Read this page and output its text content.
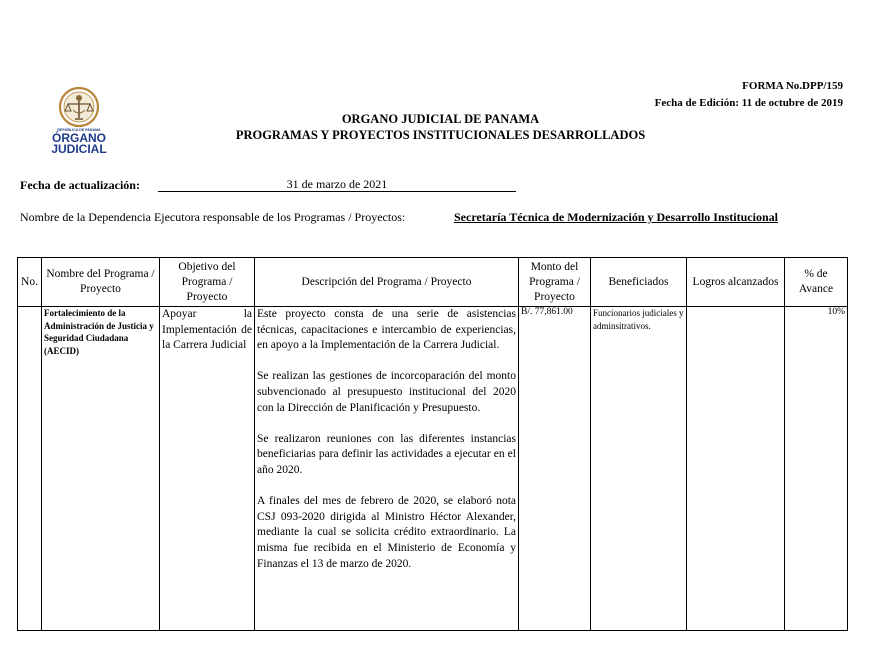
FORMA No.DPP/159
Fecha de Edición: 11 de octubre de 2019
REPÚBLICA DE PANAMÁ
ÓRGANO
JUDICIAL
ORGANO JUDICIAL DE PANAMA
PROGRAMAS Y PROYECTOS INSTITUCIONALES DESARROLLADOS
Fecha de actualización:	31 de marzo de 2021
Nombre de la Dependencia Ejecutora responsable de los Programas / Proyectos:	Secretaría Técnica de Modernización y Desarrollo Institucional
No.	Nombre del Programa / Proyecto	Objetivo del Programa / Proyecto	Descripción del Programa / Proyecto	Monto del Programa / Proyecto	Beneficiados	Logros alcanzados	% de Avance
	Fortalecimiento de la Administración de Justicia y Seguridad Ciudadana (AECID)	Apoyar la Implementación de la Carrera Judicial	Este proyecto consta de una serie de asistencias técnicas, capacitaciones e intercambio de experiencias, en apoyo a la Implementación de la Carrera Judicial.

Se realizan las gestiones de incorcoparación del monto subvencionado al presupuesto institucional del 2020 con la Dirección de Planificación y Presupuesto.

Se realizaron reuniones con las diferentes instancias beneficiarias para definir las actividades a ejecutar en el año 2020.

A finales del mes de febrero de 2020, se elaboró nota CSJ 093-2020 dirigida al Ministro Héctor Alexander, mediante la cual se solicita crédito extraordinario. La misma fue recibida en el Ministerio de Economía y Finanzas el 13 de marzo de 2020.	B/. 77,861.00	Funcionarios judiciales y adminsitrativos.		10%
